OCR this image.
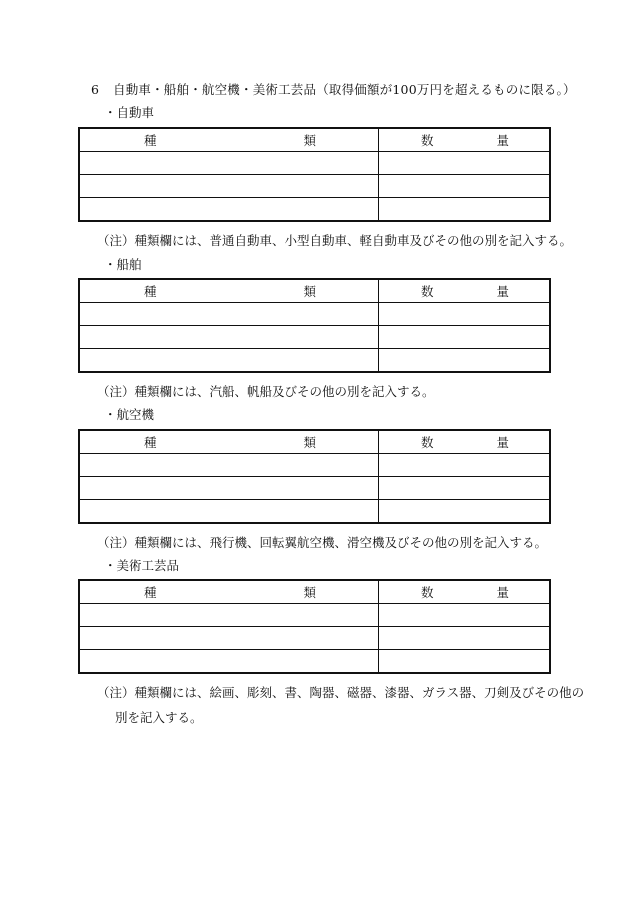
6 自動車・船舶・航空機・美術工芸品（取得価額が100万円を超えるものに限る。）
・自動車
種 類	数 量

（注）種類欄には、普通自動車、小型自動車、軽自動車及びその他の別を記入する。
・船舶
種 類	数 量

（注）種類欄には、汽船、帆船及びその他の別を記入する。
・航空機
種 類	数 量

（注）種類欄には、飛行機、回転翼航空機、滑空機及びその他の別を記入する。
・美術工芸品
種 類	数 量

（注）種類欄には、絵画、彫刻、書、陶器、磁器、漆器、ガラス器、刀剣及びその他の
別を記入する。
